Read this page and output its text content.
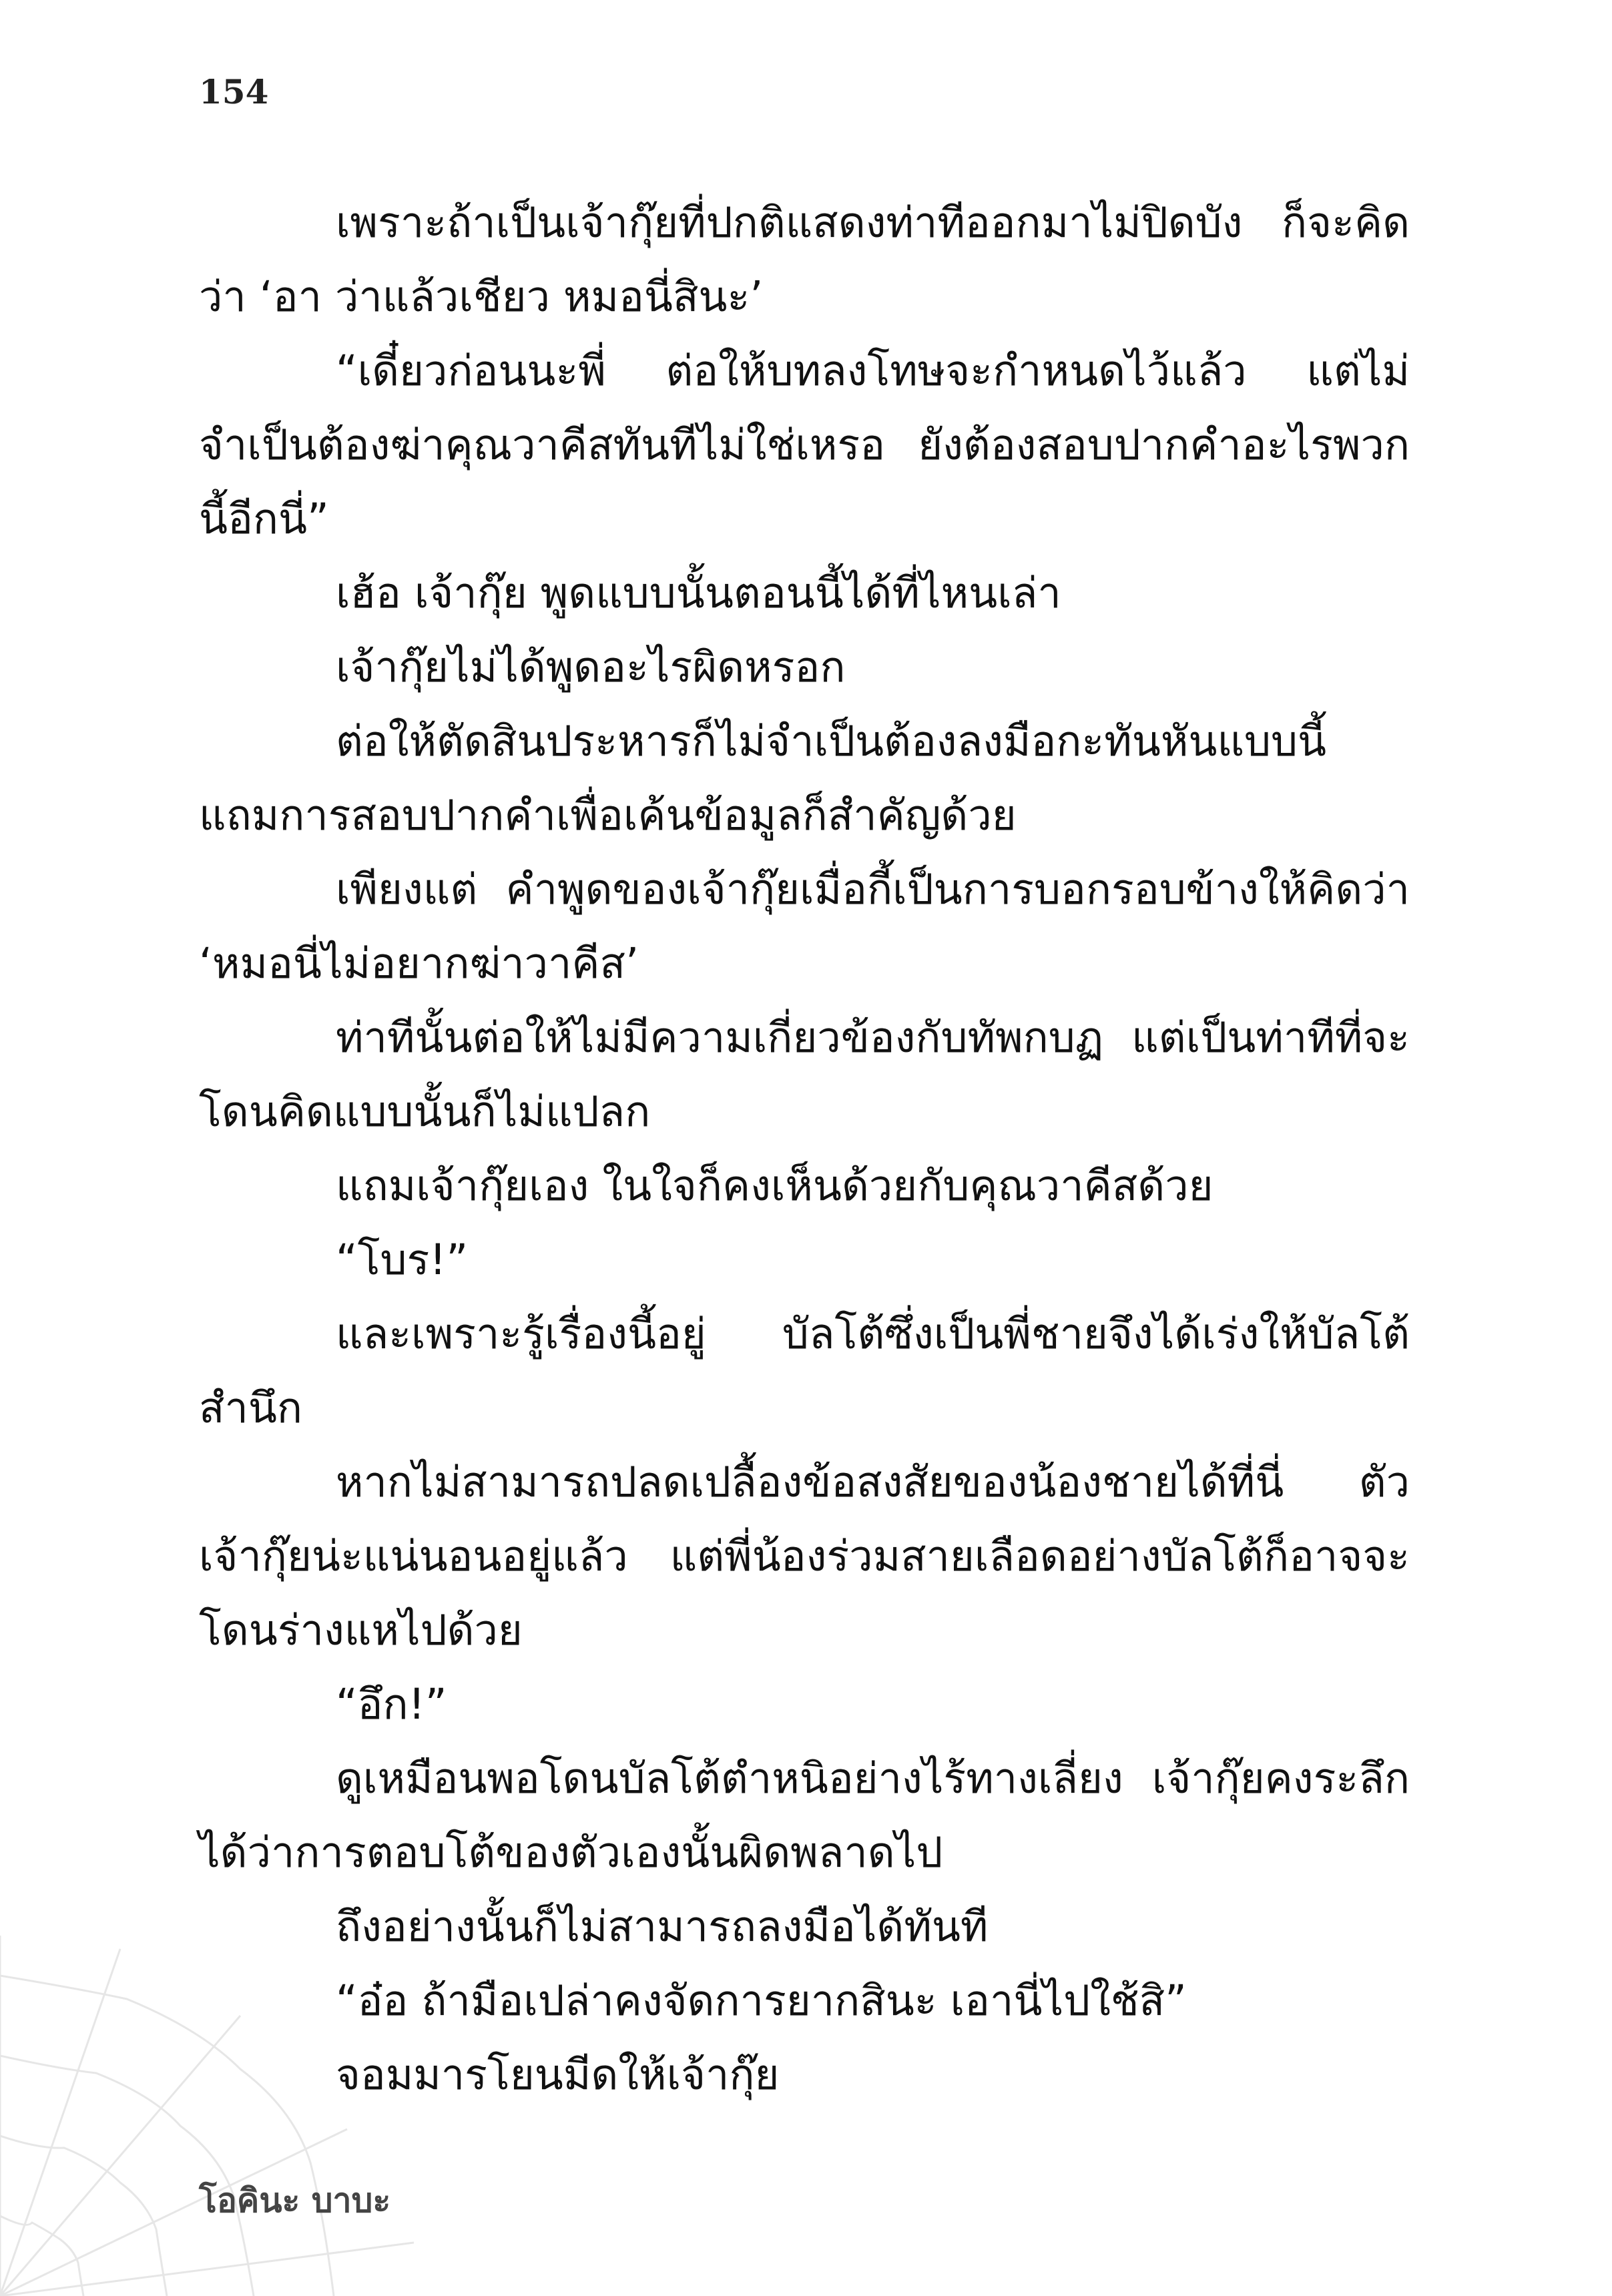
154

เพราะถ้าเป็นเจ้ากุ๊ยที่ปกติแสดงท่าทีออกมาไม่ปิดบัง ก็จะคิดว่า ‘อา ว่าแล้วเชียว หมอนี่สินะ’

“เดี๋ยวก่อนนะพี่ ต่อให้บทลงโทษจะกำหนดไว้แล้ว แต่ไม่จำเป็นต้องฆ่าคุณวาคีสทันทีไม่ใช่เหรอ ยังต้องสอบปากคำอะไรพวกนี้อีกนี่”

เฮ้อ เจ้ากุ๊ย พูดแบบนั้นตอนนี้ได้ที่ไหนเล่า

เจ้ากุ๊ยไม่ได้พูดอะไรผิดหรอก

ต่อให้ตัดสินประหารก็ไม่จำเป็นต้องลงมือกะทันหันแบบนี้ แถมการสอบปากคำเพื่อเค้นข้อมูลก็สำคัญด้วย

เพียงแต่ คำพูดของเจ้ากุ๊ยเมื่อกี้เป็นการบอกรอบข้างให้คิดว่า ‘หมอนี่ไม่อยากฆ่าวาคีส’

ท่าทีนั้นต่อให้ไม่มีความเกี่ยวข้องกับทัพกบฏ แต่เป็นท่าทีที่จะโดนคิดแบบนั้นก็ไม่แปลก

แถมเจ้ากุ๊ยเอง ในใจก็คงเห็นด้วยกับคุณวาคีสด้วย

“โบร!”

และเพราะรู้เรื่องนี้อยู่ บัลโต้ซึ่งเป็นพี่ชายจึงได้เร่งให้บัลโต้สำนึก

หากไม่สามารถปลดเปลื้องข้อสงสัยของน้องชายได้ที่นี่ ตัวเจ้ากุ๊ยน่ะแน่นอนอยู่แล้ว แต่พี่น้องร่วมสายเลือดอย่างบัลโต้ก็อาจจะโดนร่างแหไปด้วย

“อึก!”

ดูเหมือนพอโดนบัลโต้ตำหนิอย่างไร้ทางเลี่ยง เจ้ากุ๊ยคงระลึกได้ว่าการตอบโต้ของตัวเองนั้นผิดพลาดไป

ถึงอย่างนั้นก็ไม่สามารถลงมือได้ทันที

“อ๋อ ถ้ามือเปล่าคงจัดการยากสินะ เอานี่ไปใช้สิ”

จอมมารโยนมีดให้เจ้ากุ๊ย

โอคินะ บาบะ
